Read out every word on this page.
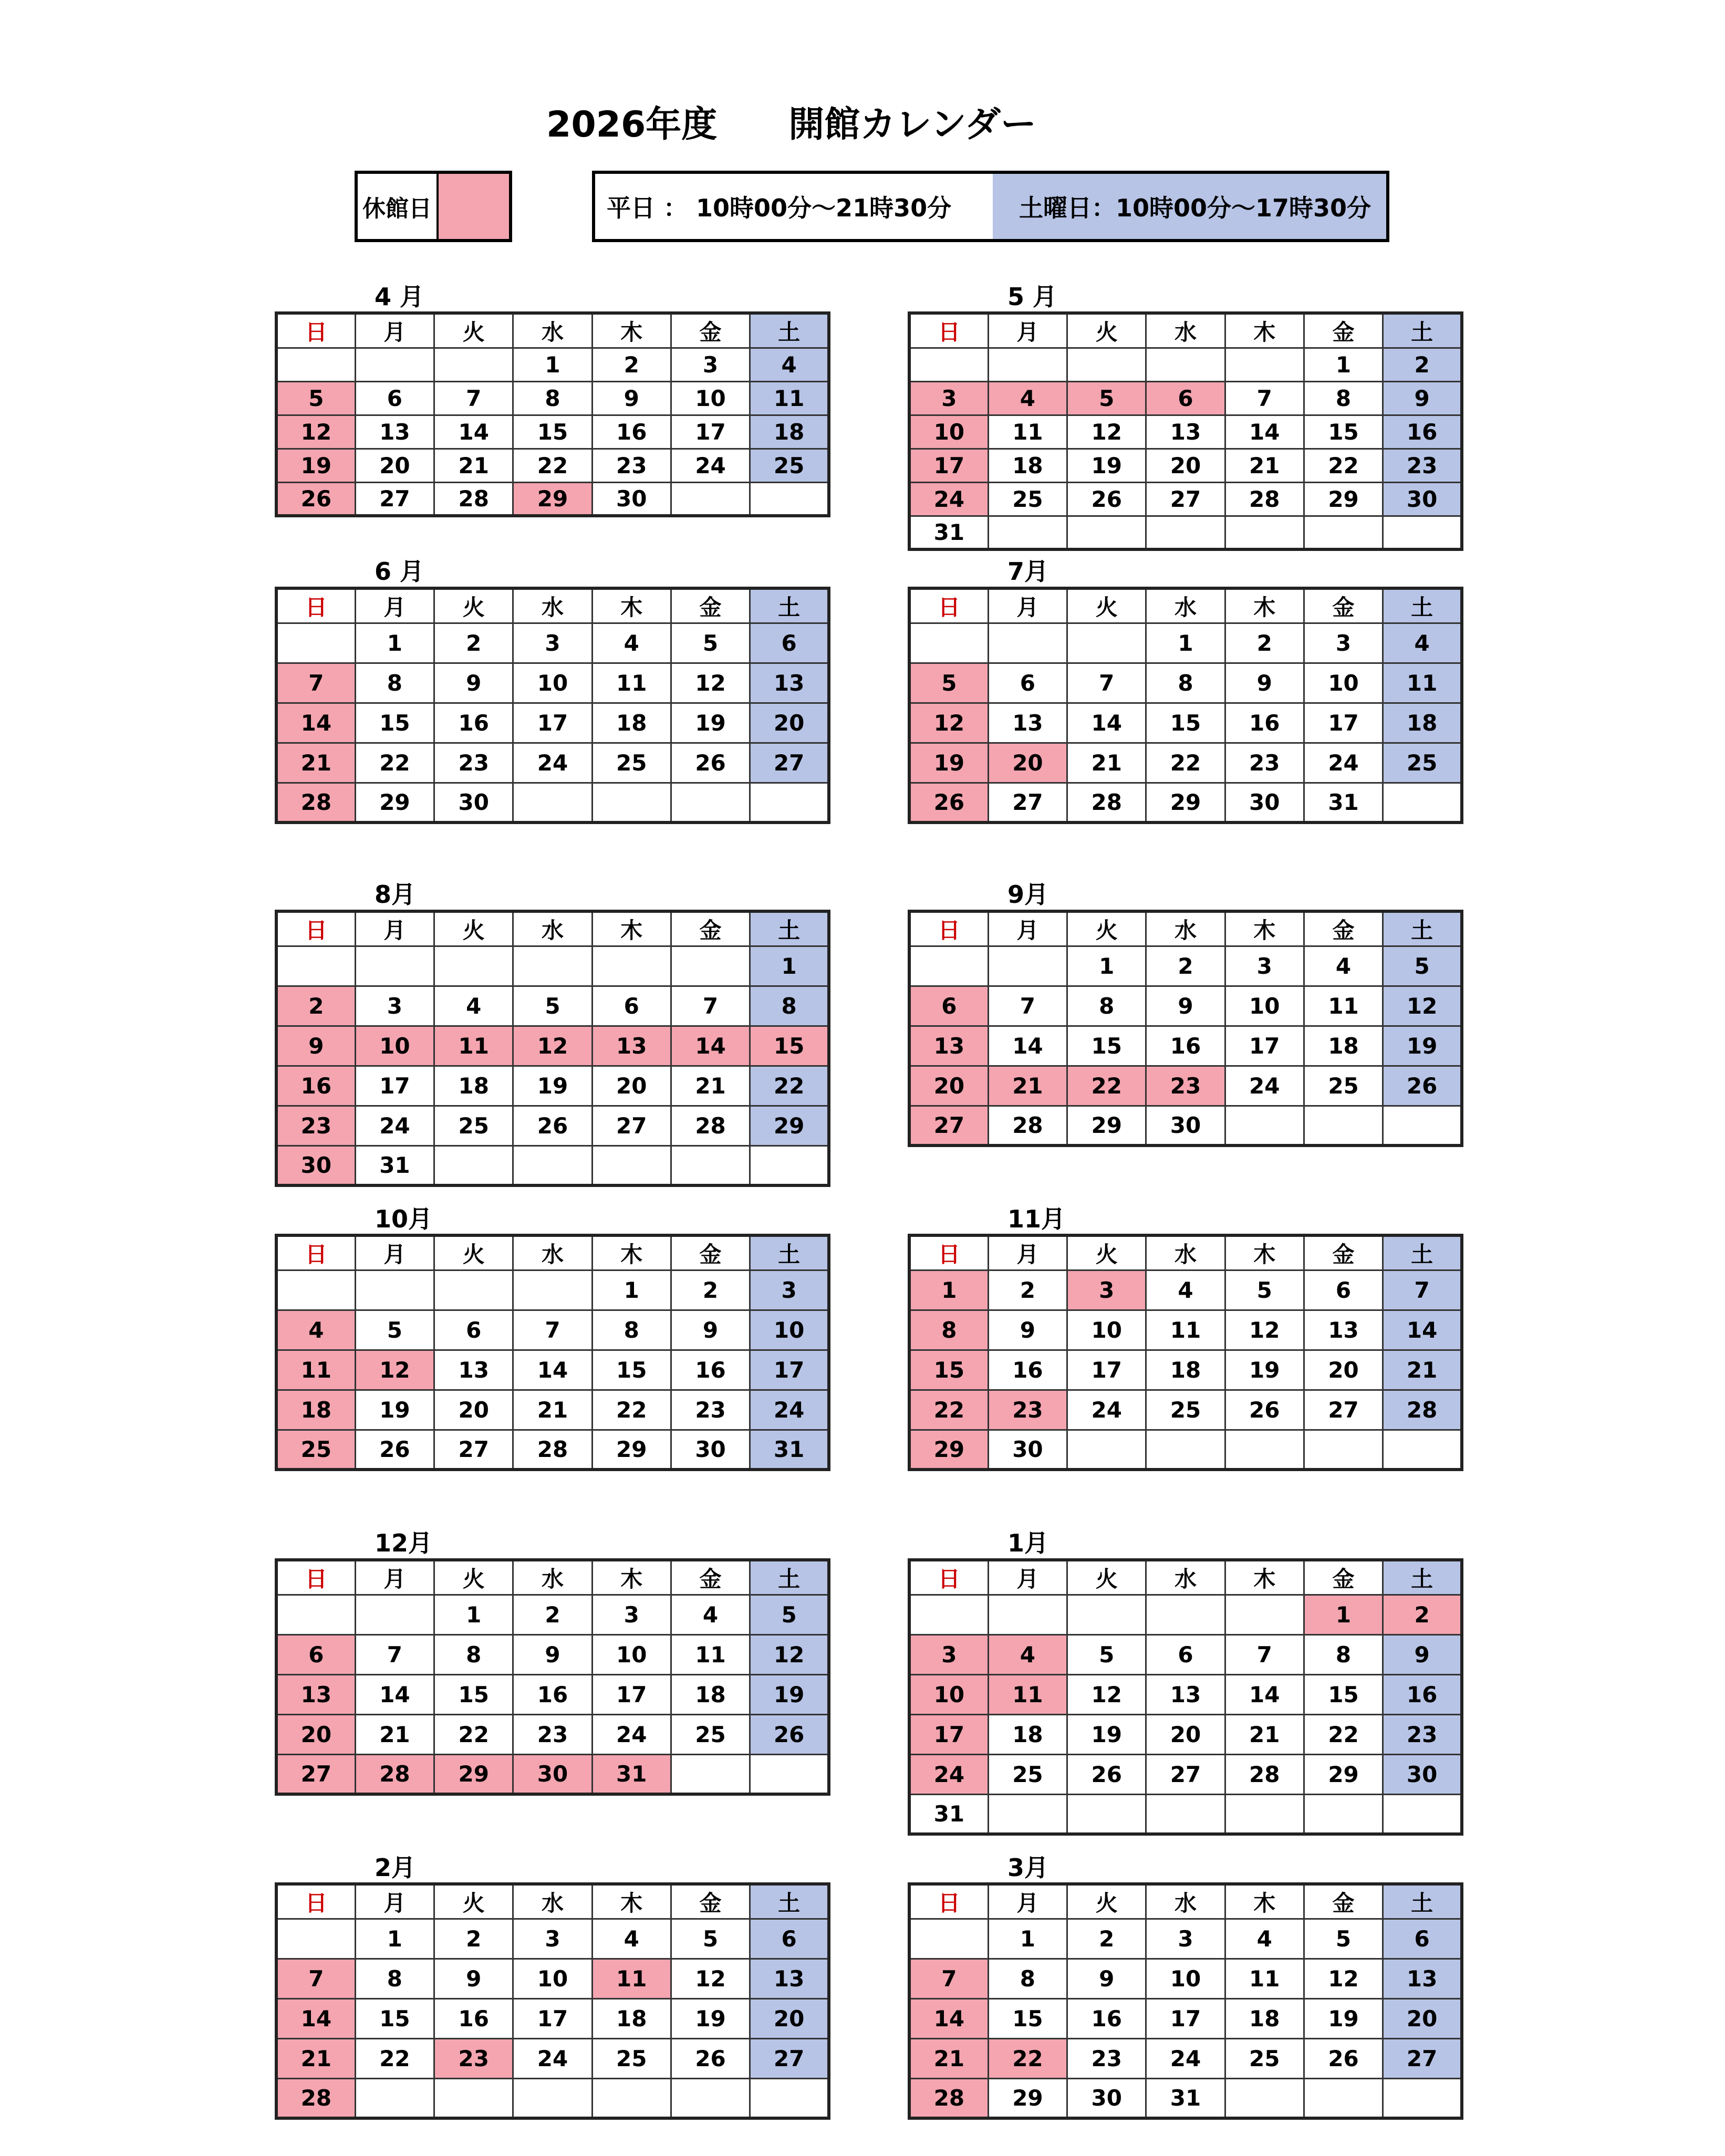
2026年度　　開館カレンダー
休館日	平日 ： 10時00分～21時30分	土曜日：10時00分～17時30分
4 月
日	月	火	水	木	金	土
			1	2	3	4
5	6	7	8	9	10	11
12	13	14	15	16	17	18
19	20	21	22	23	24	25
26	27	28	29	30		
5 月
日	月	火	水	木	金	土
					1	2
3	4	5	6	7	8	9
10	11	12	13	14	15	16
17	18	19	20	21	22	23
24	25	26	27	28	29	30
31						
6 月
日	月	火	水	木	金	土
	1	2	3	4	5	6
7	8	9	10	11	12	13
14	15	16	17	18	19	20
21	22	23	24	25	26	27
28	29	30				
7月
日	月	火	水	木	金	土
			1	2	3	4
5	6	7	8	9	10	11
12	13	14	15	16	17	18
19	20	21	22	23	24	25
26	27	28	29	30	31	
8月
日	月	火	水	木	金	土
						1
2	3	4	5	6	7	8
9	10	11	12	13	14	15
16	17	18	19	20	21	22
23	24	25	26	27	28	29
30	31					
9月
日	月	火	水	木	金	土
		1	2	3	4	5
6	7	8	9	10	11	12
13	14	15	16	17	18	19
20	21	22	23	24	25	26
27	28	29	30			
10月
日	月	火	水	木	金	土
				1	2	3
4	5	6	7	8	9	10
11	12	13	14	15	16	17
18	19	20	21	22	23	24
25	26	27	28	29	30	31
11月
日	月	火	水	木	金	土
1	2	3	4	5	6	7
8	9	10	11	12	13	14
15	16	17	18	19	20	21
22	23	24	25	26	27	28
29	30					
12月
日	月	火	水	木	金	土
		1	2	3	4	5
6	7	8	9	10	11	12
13	14	15	16	17	18	19
20	21	22	23	24	25	26
27	28	29	30	31		
1月
日	月	火	水	木	金	土
					1	2
3	4	5	6	7	8	9
10	11	12	13	14	15	16
17	18	19	20	21	22	23
24	25	26	27	28	29	30
31						
2月
日	月	火	水	木	金	土
	1	2	3	4	5	6
7	8	9	10	11	12	13
14	15	16	17	18	19	20
21	22	23	24	25	26	27
28						
3月
日	月	火	水	木	金	土
	1	2	3	4	5	6
7	8	9	10	11	12	13
14	15	16	17	18	19	20
21	22	23	24	25	26	27
28	29	30	31			
